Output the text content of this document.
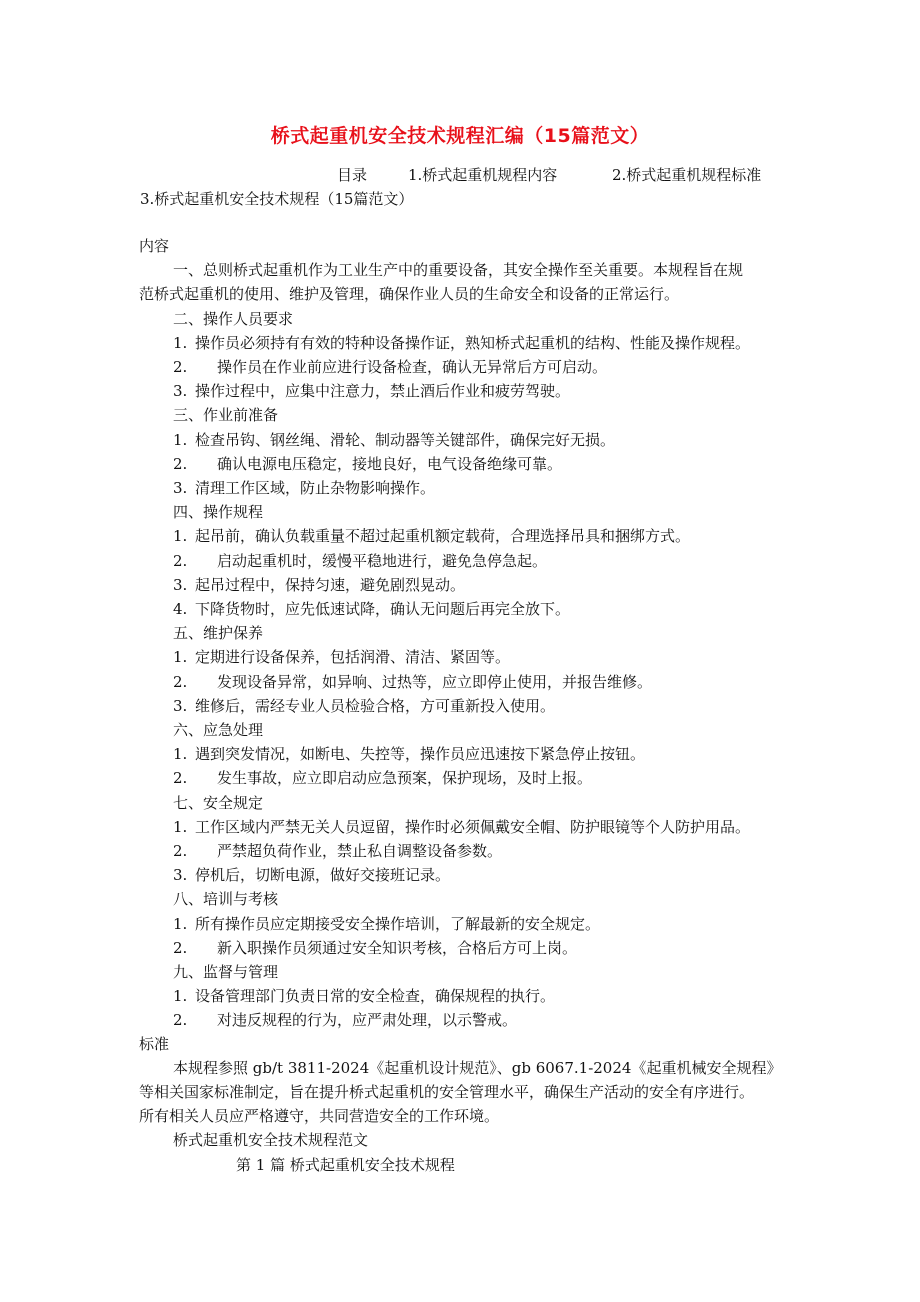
桥式起重机安全技术规程汇编（15篇范文）
目录	1.桥式起重机规程内容	2.桥式起重机规程标准
3.桥式起重机安全技术规程（15篇范文）
内容
一、总则桥式起重机作为工业生产中的重要设备，其安全操作至关重要。本规程旨在规
范桥式起重机的使用、维护及管理，确保作业人员的生命安全和设备的正常运行。
二、操作人员要求
1. 操作员必须持有有效的特种设备操作证，熟知桥式起重机的结构、性能及操作规程。
2. 操作员在作业前应进行设备检查，确认无异常后方可启动。
3. 操作过程中，应集中注意力，禁止酒后作业和疲劳驾驶。
三、作业前准备
1. 检查吊钩、钢丝绳、滑轮、制动器等关键部件，确保完好无损。
2. 确认电源电压稳定，接地良好，电气设备绝缘可靠。
3. 清理工作区域，防止杂物影响操作。
四、操作规程
1. 起吊前，确认负载重量不超过起重机额定载荷，合理选择吊具和捆绑方式。
2. 启动起重机时，缓慢平稳地进行，避免急停急起。
3. 起吊过程中，保持匀速，避免剧烈晃动。
4. 下降货物时，应先低速试降，确认无问题后再完全放下。
五、维护保养
1. 定期进行设备保养，包括润滑、清洁、紧固等。
2. 发现设备异常，如异响、过热等，应立即停止使用，并报告维修。
3. 维修后，需经专业人员检验合格，方可重新投入使用。
六、应急处理
1. 遇到突发情况，如断电、失控等，操作员应迅速按下紧急停止按钮。
2. 发生事故，应立即启动应急预案，保护现场，及时上报。
七、安全规定
1. 工作区域内严禁无关人员逗留，操作时必须佩戴安全帽、防护眼镜等个人防护用品。
2. 严禁超负荷作业，禁止私自调整设备参数。
3. 停机后，切断电源，做好交接班记录。
八、培训与考核
1. 所有操作员应定期接受安全操作培训，了解最新的安全规定。
2. 新入职操作员须通过安全知识考核，合格后方可上岗。
九、监督与管理
1. 设备管理部门负责日常的安全检查，确保规程的执行。
2. 对违反规程的行为，应严肃处理，以示警戒。
标准
本规程参照 gb/t 3811-2024《起重机设计规范》、gb 6067.1-2024《起重机械安全规程》
等相关国家标准制定，旨在提升桥式起重机的安全管理水平，确保生产活动的安全有序进行。
所有相关人员应严格遵守，共同营造安全的工作环境。
桥式起重机安全技术规程范文
第 1 篇 桥式起重机安全技术规程
